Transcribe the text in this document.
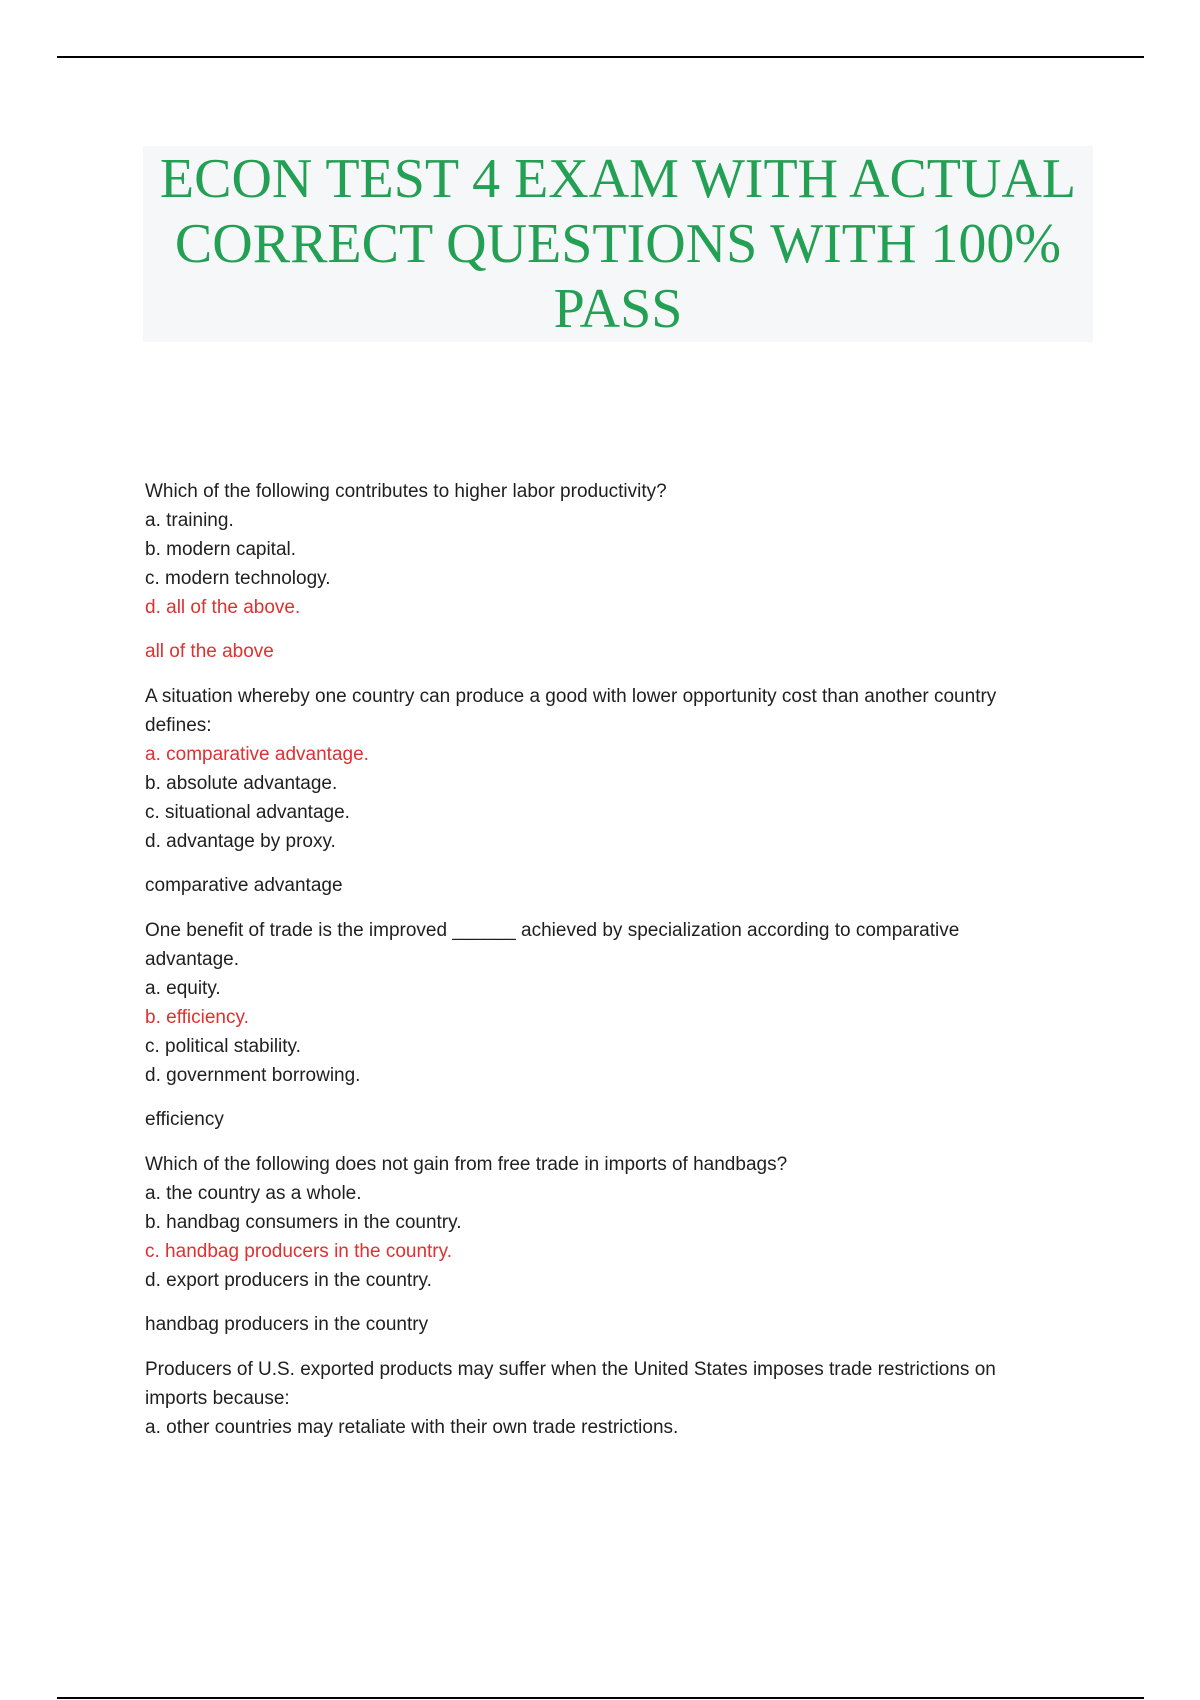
ECON TEST 4 EXAM WITH ACTUAL
CORRECT QUESTIONS WITH 100%
PASS
Which of the following contributes to higher labor productivity?
a. training.
b. modern capital.
c. modern technology.
d. all of the above.
all of the above
A situation whereby one country can produce a good with lower opportunity cost than another country
defines:
a. comparative advantage.
b. absolute advantage.
c. situational advantage.
d. advantage by proxy.
comparative advantage
One benefit of trade is the improved ______ achieved by specialization according to comparative
advantage.
a. equity.
b. efficiency.
c. political stability.
d. government borrowing.
efficiency
Which of the following does not gain from free trade in imports of handbags?
a. the country as a whole.
b. handbag consumers in the country.
c. handbag producers in the country.
d. export producers in the country.
handbag producers in the country
Producers of U.S. exported products may suffer when the United States imposes trade restrictions on
imports because:
a. other countries may retaliate with their own trade restrictions.
